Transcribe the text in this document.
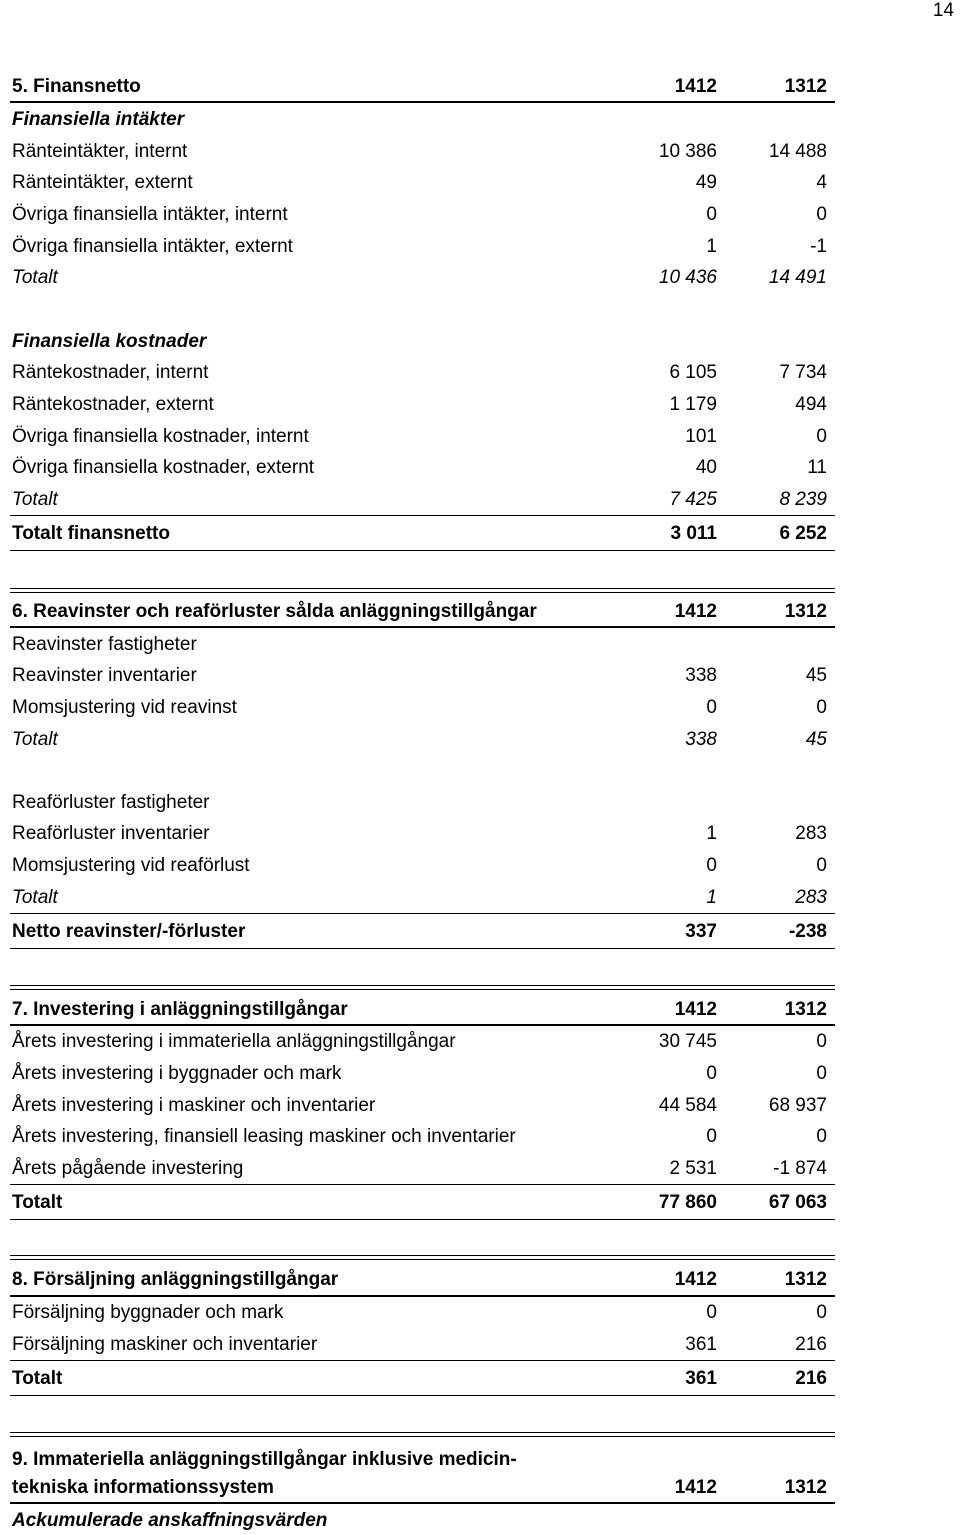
14
5. Finansnetto	1412	1312
Finansiella intäkter
Ränteintäkter, internt	10 386	14 488
Ränteintäkter, externt	49	4
Övriga finansiella intäkter, internt	0	0
Övriga finansiella intäkter, externt	1	-1
Totalt	10 436	14 491
Finansiella kostnader
Räntekostnader, internt	6 105	7 734
Räntekostnader, externt	1 179	494
Övriga finansiella kostnader, internt	101	0
Övriga finansiella kostnader, externt	40	11
Totalt	7 425	8 239
Totalt finansnetto	3 011	6 252
6. Reavinster och reaförluster sålda anläggningstillgångar	1412	1312
Reavinster fastigheter
Reavinster inventarier	338	45
Momsjustering vid reavinst	0	0
Totalt	338	45
Reaförluster fastigheter
Reaförluster inventarier	1	283
Momsjustering vid reaförlust	0	0
Totalt	1	283
Netto reavinster/-förluster	337	-238
7. Investering i anläggningstillgångar	1412	1312
Årets investering i immateriella anläggningstillgångar	30 745	0
Årets investering i byggnader och mark	0	0
Årets investering i maskiner och inventarier	44 584	68 937
Årets investering, finansiell leasing maskiner och inventarier	0	0
Årets pågående investering	2 531	-1 874
Totalt	77 860	67 063
8. Försäljning anläggningstillgångar	1412	1312
Försäljning byggnader och mark	0	0
Försäljning maskiner och inventarier	361	216
Totalt	361	216
9. Immateriella anläggningstillgångar inklusive medicin-
tekniska informationssystem	1412	1312
Ackumulerade anskaffningsvärden
